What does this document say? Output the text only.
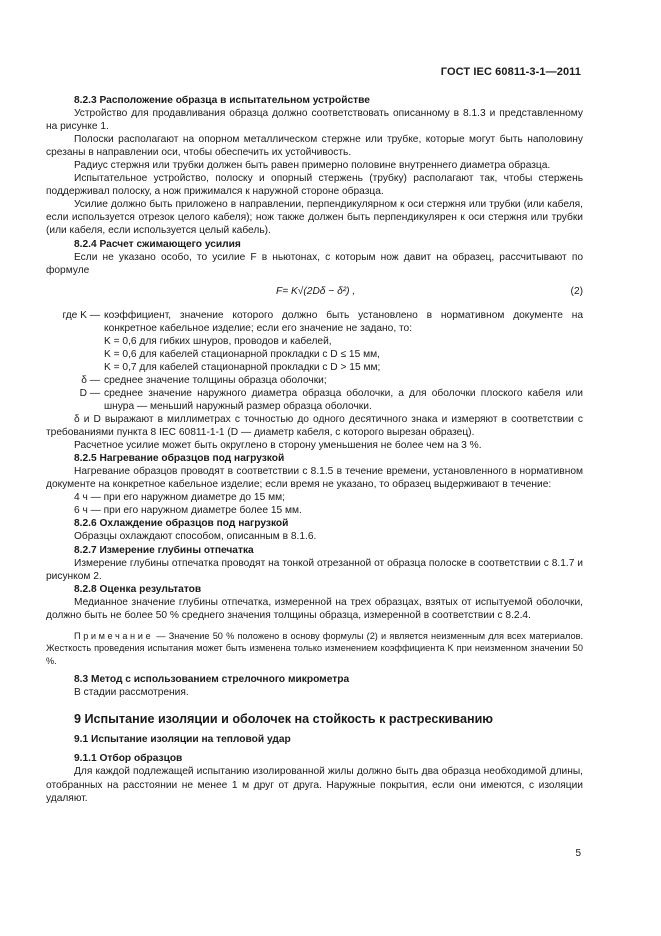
ГОСТ IEC 60811-3-1—2011

8.2.3 Расположение образца в испытательном устройстве

Устройство для продавливания образца должно соответствовать описанному в 8.1.3 и представленному на рисунке 1.

Полоски располагают на опорном металлическом стержне или трубке, которые могут быть наполовину срезаны в направлении оси, чтобы обеспечить их устойчивость.

Радиус стержня или трубки должен быть равен примерно половине внутреннего диаметра образца.

Испытательное устройство, полоску и опорный стержень (трубку) располагают так, чтобы стержень поддерживал полоску, а нож прижимался к наружной стороне образца.

Усилие должно быть приложено в направлении, перпендикулярном к оси стержня или трубки (или кабеля, если используется отрезок целого кабеля); нож также должен быть перпендикулярен к оси стержня или трубки (или кабеля, если используется целый кабель).

8.2.4 Расчет сжимающего усилия

Если не указано особо, то усилие F в ньютонах, с которым нож давит на образец, рассчитывают по формуле

F= K√(2Dδ − δ²) ,	(2)
где K — коэффициент, значение которого должно быть установлено в нормативном документе на конкретное кабельное изделие; если его значение не задано, то:
K = 0,6 для гибких шнуров, проводов и кабелей,
K = 0,6 для кабелей стационарной прокладки с D ≤ 15 мм,
K = 0,7 для кабелей стационарной прокладки с D > 15 мм;
δ — среднее значение толщины образца оболочки;
D — среднее значение наружного диаметра образца оболочки, а для оболочки плоского кабеля или шнура — меньший наружный размер образца оболочки.

δ и D выражают в миллиметрах с точностью до одного десятичного знака и измеряют в соответствии с требованиями пункта 8 IEC 60811-1-1 (D — диаметр кабеля, с которого вырезан образец).

Расчетное усилие может быть округлено в сторону уменьшения не более чем на 3 %.

8.2.5 Нагревание образцов под нагрузкой

Нагревание образцов проводят в соответствии с 8.1.5 в течение времени, установленного в нормативном документе на конкретное кабельное изделие; если время не указано, то образец выдерживают в течение:

4 ч — при его наружном диаметре до 15 мм;

6 ч — при его наружном диаметре более 15 мм.

8.2.6 Охлаждение образцов под нагрузкой

Образцы охлаждают способом, описанным в 8.1.6.

8.2.7 Измерение глубины отпечатка

Измерение глубины отпечатка проводят на тонкой отрезанной от образца полоске в соответствии с 8.1.7 и рисунком 2.

8.2.8 Оценка результатов

Медианное значение глубины отпечатка, измеренной на трех образцах, взятых от испытуемой оболочки, должно быть не более 50 % среднего значения толщины образца, измеренной в соответствии с 8.2.4.

Примечание — Значение 50 % положено в основу формулы (2) и является неизменным для всех материалов. Жесткость проведения испытания может быть изменена только изменением коэффициента K при неизменном значении 50 %.

8.3 Метод с использованием стрелочного микрометра

В стадии рассмотрения.

9 Испытание изоляции и оболочек на стойкость к растрескиванию

9.1 Испытание изоляции на тепловой удар

9.1.1 Отбор образцов

Для каждой подлежащей испытанию изолированной жилы должно быть два образца необходимой длины, отобранных на расстоянии не менее 1 м друг от друга. Наружные покрытия, если они имеются, с изоляции удаляют.

5
